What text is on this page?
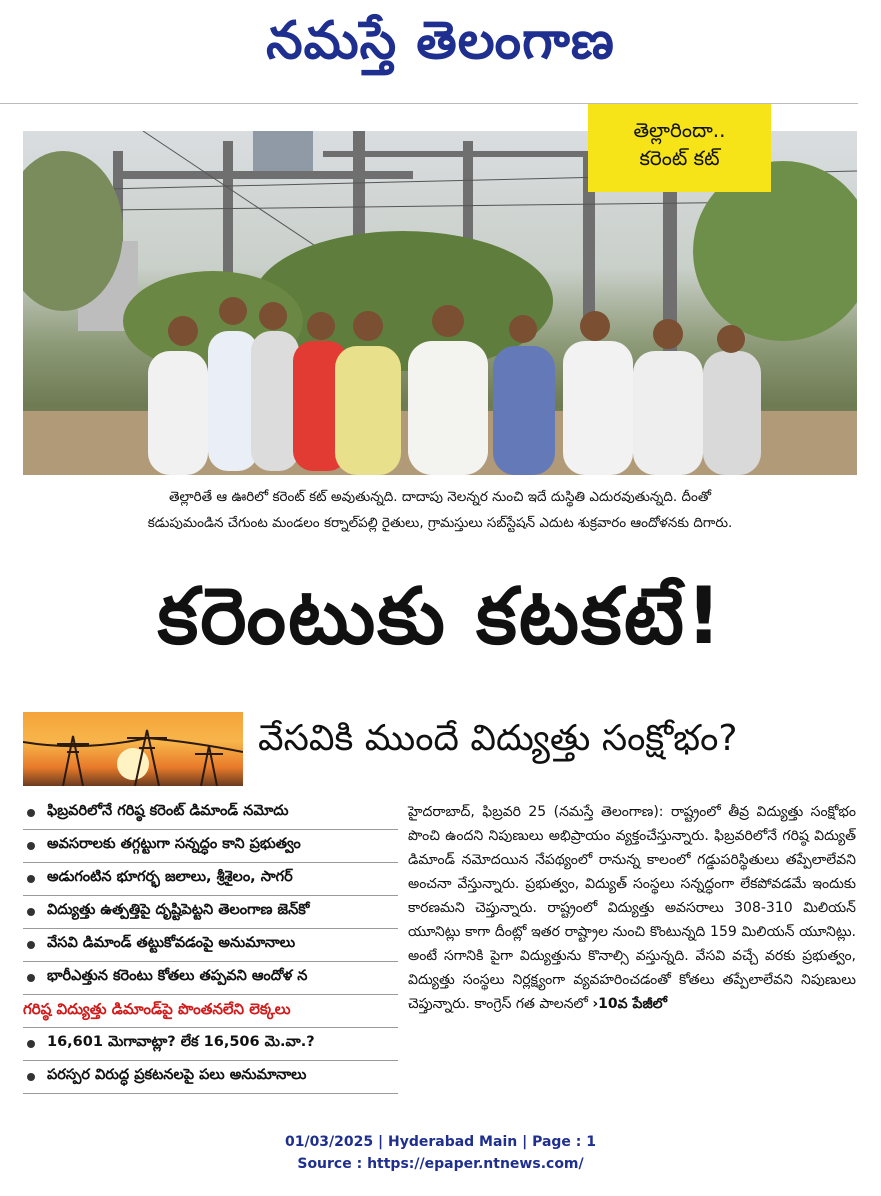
నమస్తే తెలంగాణ
తెల్లారిందా..
కరెంట్ కట్
తెల్లారితే ఆ ఊరిలో కరెంట్ కట్ అవుతున్నది. దాదాపు నెలన్నర నుంచి ఇదే దుస్థితి ఎదురవుతున్నది. దీంతో
కడుపుమండిన చేగుంట మండలం కర్నాల్‌పల్లి రైతులు, గ్రామస్తులు సబ్‌స్టేషన్ ఎదుట శుక్రవారం ఆందోళనకు దిగారు.
కరెంటుకు కటకటే!
వేసవికి ముందే విద్యుత్తు సంక్షోభం?
ఫిబ్రవరిలోనే గరిష్ఠ కరెంట్ డిమాండ్ నమోదు
అవసరాలకు తగ్గట్టుగా సన్నద్ధం కాని ప్రభుత్వం
అడుగంటిన భూగర్భ జలాలు, శ్రీశైలం, సాగర్
విద్యుత్తు ఉత్పత్తిపై దృష్టిపెట్టని తెలంగాణ జెన్‌కో
వేసవి డిమాండ్ తట్టుకోవడంపై అనుమానాలు
భారీఎత్తున కరెంటు కోతలు తప్పవని ఆందోళ న
గరిష్ఠ విద్యుత్తు డిమాండ్‌పై పొంతనలేని లెక్కలు
16,601 మెగావాట్లా? లేక 16,506 మె.వా.?
పరస్పర విరుద్ధ ప్రకటనలపై పలు అనుమానాలు
హైదరాబాద్, ఫిబ్రవరి 25 (నమస్తే తెలంగాణ): రాష్ట్రంలో తీవ్ర విద్యుత్తు సంక్షోభం పొంచి ఉందని నిపుణులు అభిప్రాయం వ్యక్తంచేస్తున్నారు. ఫిబ్రవరిలోనే గరిష్ఠ విద్యుత్ డిమాండ్ నమోదయిన నేపథ్యంలో రానున్న కాలంలో గడ్డుపరిస్థితులు తప్పేలాలేవని అంచనా వేస్తున్నారు. ప్రభుత్వం, విద్యుత్ సంస్థలు సన్నద్ధంగా లేకపోవడమే ఇందుకు కారణమని చెప్తున్నారు. రాష్ట్రంలో విద్యుత్తు అవసరాలు 308-310 మిలియన్ యూనిట్లు కాగా దీంట్లో ఇతర రాష్ట్రాల నుంచి కొంటున్నది 159 మిలియన్ యూనిట్లు. అంటే సగానికి పైగా విద్యుత్తును కొనాల్సి వస్తున్నది. వేసవి వచ్చే వరకు ప్రభుత్వం, విద్యుత్తు సంస్థలు నిర్లక్ష్యంగా వ్యవహరించడంతో కోతలు తప్పేలాలేవని నిపుణులు చెప్తున్నారు. కాంగ్రెస్ గత పాలనలో ›10వ పేజీలో
01/03/2025 | Hyderabad Main | Page : 1
Source : https://epaper.ntnews.com/
